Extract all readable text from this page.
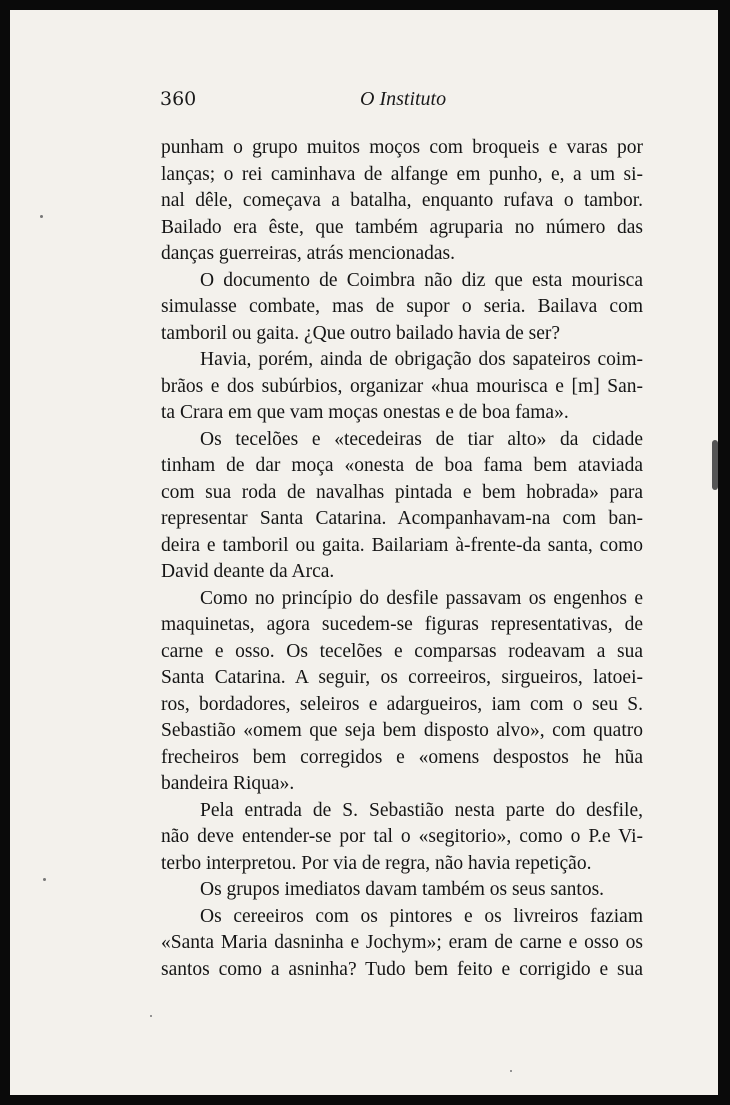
360	O Instituto
punham o grupo muitos moços com broqueis e varas por
lanças; o rei caminhava de alfange em punho, e, a um si-
nal dêle, começava a batalha, enquanto rufava o tambor.
Bailado era êste, que também agruparia no número das
danças guerreiras, atrás mencionadas.
O documento de Coimbra não diz que esta mourisca
simulasse combate, mas de supor o seria. Bailava com
tamboril ou gaita. ¿Que outro bailado havia de ser?
Havia, porém, ainda de obrigação dos sapateiros coim-
brãos e dos subúrbios, organizar «hua mourisca e [m] San-
ta Crara em que vam moças onestas e de boa fama».
Os tecelões e «tecedeiras de tiar alto» da cidade
tinham de dar moça «onesta de boa fama bem ataviada
com sua roda de navalhas pintada e bem hobrada» para
representar Santa Catarina. Acompanhavam-na com ban-
deira e tamboril ou gaita. Bailariam à-frente-da santa, como
David deante da Arca.
Como no princípio do desfile passavam os engenhos e
maquinetas, agora sucedem-se figuras representativas, de
carne e osso. Os tecelões e comparsas rodeavam a sua
Santa Catarina. A seguir, os correeiros, sirgueiros, latoei-
ros, bordadores, seleiros e adargueiros, iam com o seu S.
Sebastião «omem que seja bem disposto alvo», com quatro
frecheiros bem corregidos e «omens despostos he hũa
bandeira Riqua».
Pela entrada de S. Sebastião nesta parte do desfile,
não deve entender-se por tal o «segitorio», como o P.e Vi-
terbo interpretou. Por via de regra, não havia repetição.
Os grupos imediatos davam também os seus santos.
Os cereeiros com os pintores e os livreiros faziam
«Santa Maria dasninha e Jochym»; eram de carne e osso os
santos como a asninha? Tudo bem feito e corrigido e sua
